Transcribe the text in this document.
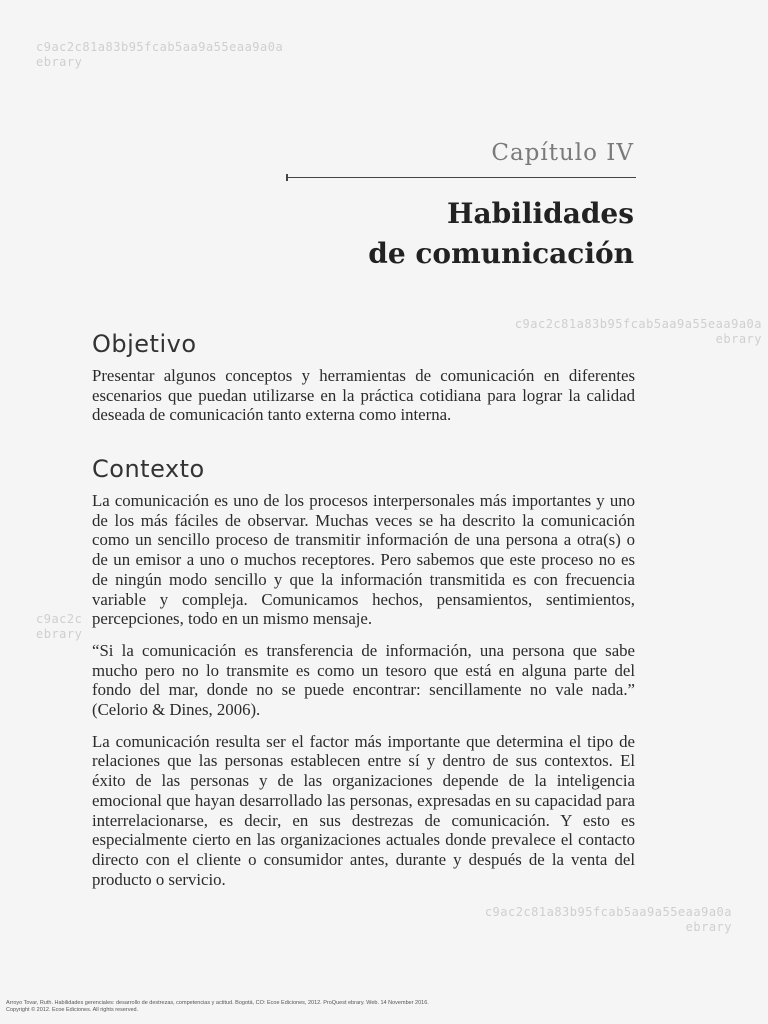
c9ac2c81a83b95fcab5aa9a55eaa9a0a
ebrary
Capítulo IV
Habilidades
de comunicación
c9ac2c81a83b95fcab5aa9a55eaa9a0a
ebrary
Objetivo

Presentar algunos conceptos y herramientas de comunicación en diferentes escenarios que puedan utilizarse en la práctica cotidiana para lograr la calidad deseada de comunicación tanto externa como interna.

c9ac2c
ebrary
Contexto

La comunicación es uno de los procesos interpersonales más importantes y uno de los más fáciles de observar. Muchas veces se ha descrito la comunicación como un sencillo proceso de transmitir información de una persona a otra(s) o de un emisor a uno o muchos receptores. Pero sabemos que este proceso no es de ningún modo sencillo y que la información transmitida es con frecuencia variable y compleja. Comunicamos hechos, pensamientos, sentimientos, percepciones, todo en un mismo mensaje.

“Si la comunicación es transferencia de información, una persona que sabe mucho pero no lo transmite es como un tesoro que está en alguna parte del fondo del mar, donde no se puede encontrar: sencillamente no vale nada.” (Celorio & Dines, 2006).

La comunicación resulta ser el factor más importante que determina el tipo de relaciones que las personas establecen entre sí y dentro de sus contextos. El éxito de las personas y de las organizaciones depende de la inteligencia emocional que hayan desarrollado las personas, expresadas en su capacidad para interrelacionarse, es decir, en sus destrezas de comunicación. Y esto es especialmente cierto en las organizaciones actuales donde prevalece el contacto directo con el cliente o consumidor antes, durante y después de la venta del producto o servicio.

c9ac2c81a83b95fcab5aa9a55eaa9a0a
ebrary
Arroyo Tovar, Ruth. Habilidades gerenciales: desarrollo de destrezas, competencias y actitud. Bogotá, CO: Ecoe Ediciones, 2012. ProQuest ebrary. Web. 14 November 2016.
Copyright © 2012. Ecoe Ediciones. All rights reserved.
